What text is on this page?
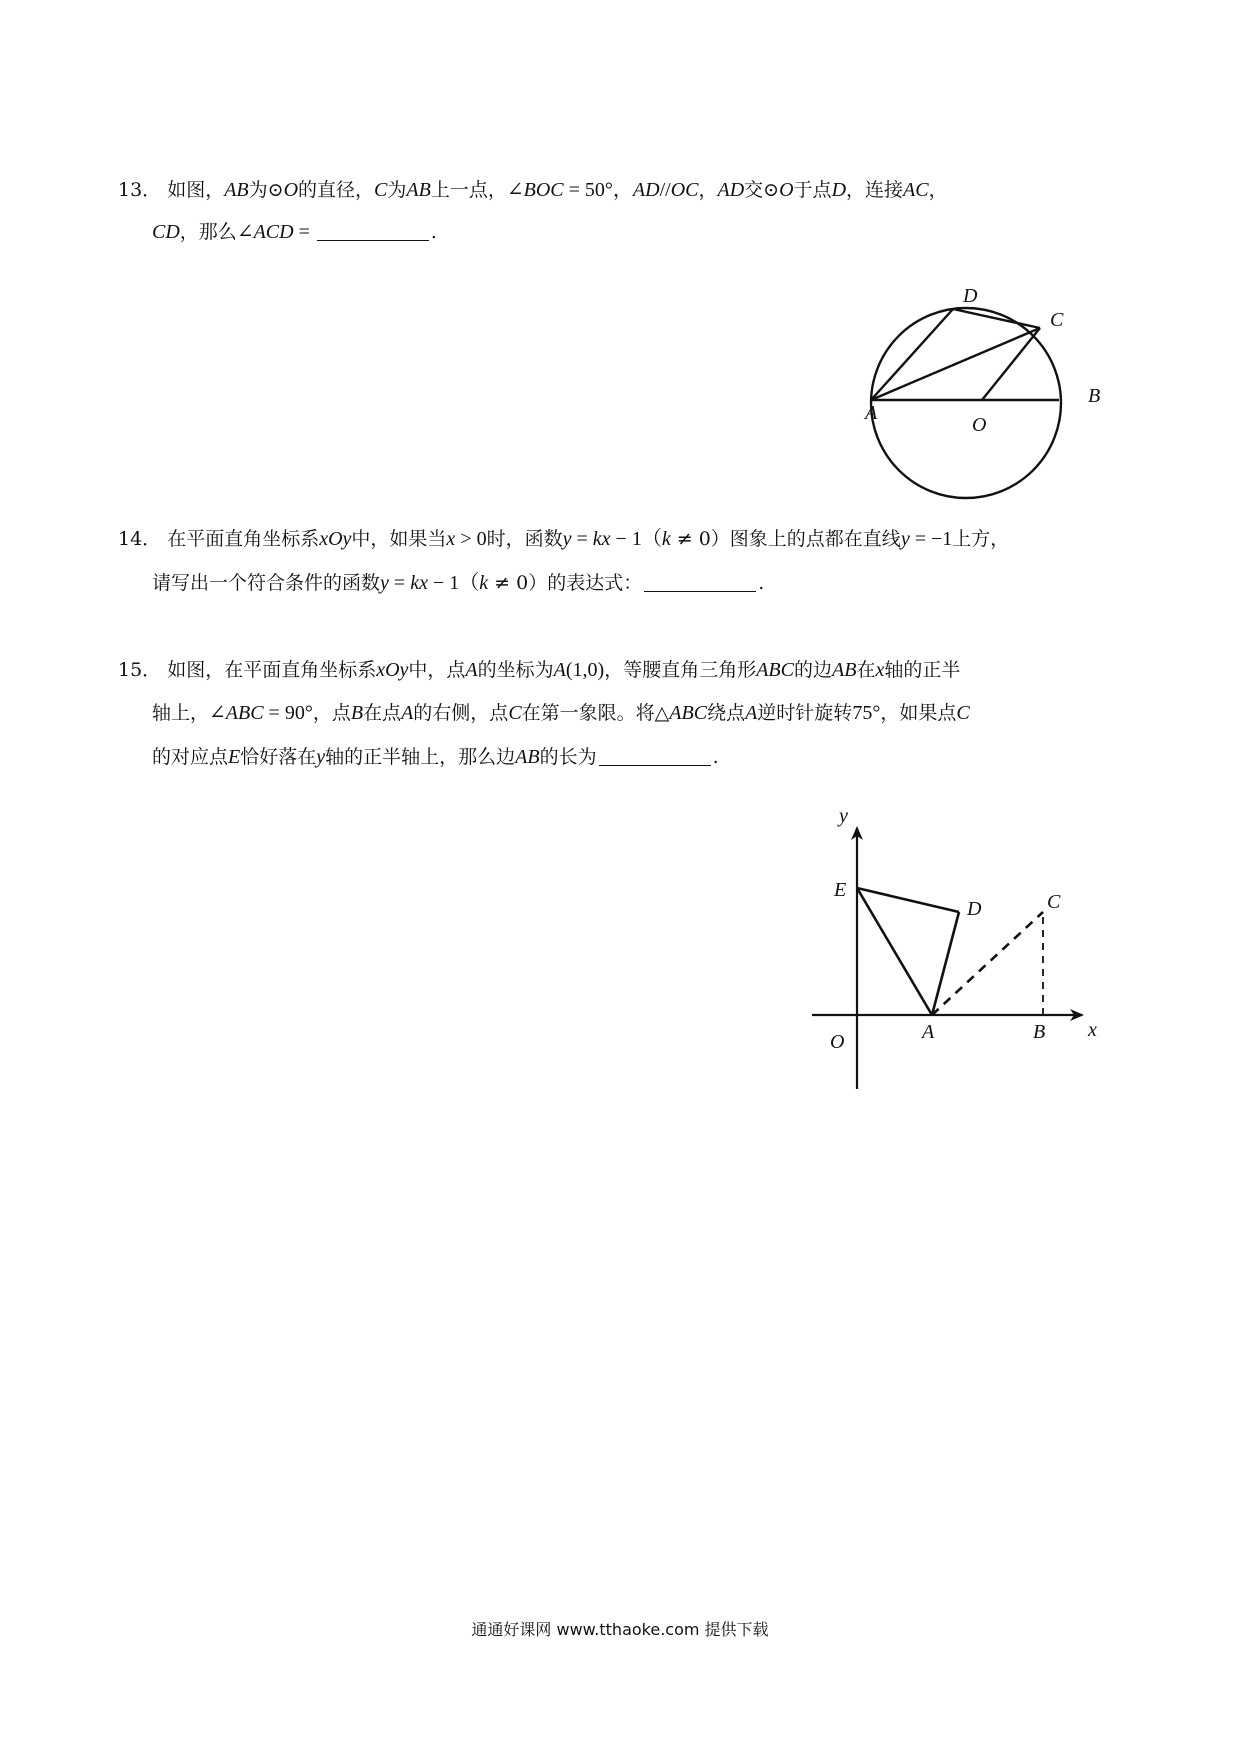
13． 如图，AB为⊙O的直径，C为AB上一点，∠BOC = 50°，AD//OC，AD交⊙O于点D，连接AC，
CD，那么∠ACD =	.
D
C
A
B
O
14． 在平面直角坐标系xOy中，如果当x > 0时，函数y = kx − 1（k ≠ 0）图象上的点都在直线y = −1上方，
请写出一个符合条件的函数y = kx − 1（k ≠ 0）的表达式：	.
15． 如图，在平面直角坐标系xOy中，点A的坐标为A(1,0)，等腰直角三角形ABC的边AB在x轴的正半
轴上，∠ABC = 90°，点B在点A的右侧，点C在第一象限。将△ABC绕点A逆时针旋转75°，如果点C
的对应点E恰好落在y轴的正半轴上，那么边AB的长为	.
y
E
D	C
O	A	B x
通通好课网 www.tthaoke.com 提供下载
